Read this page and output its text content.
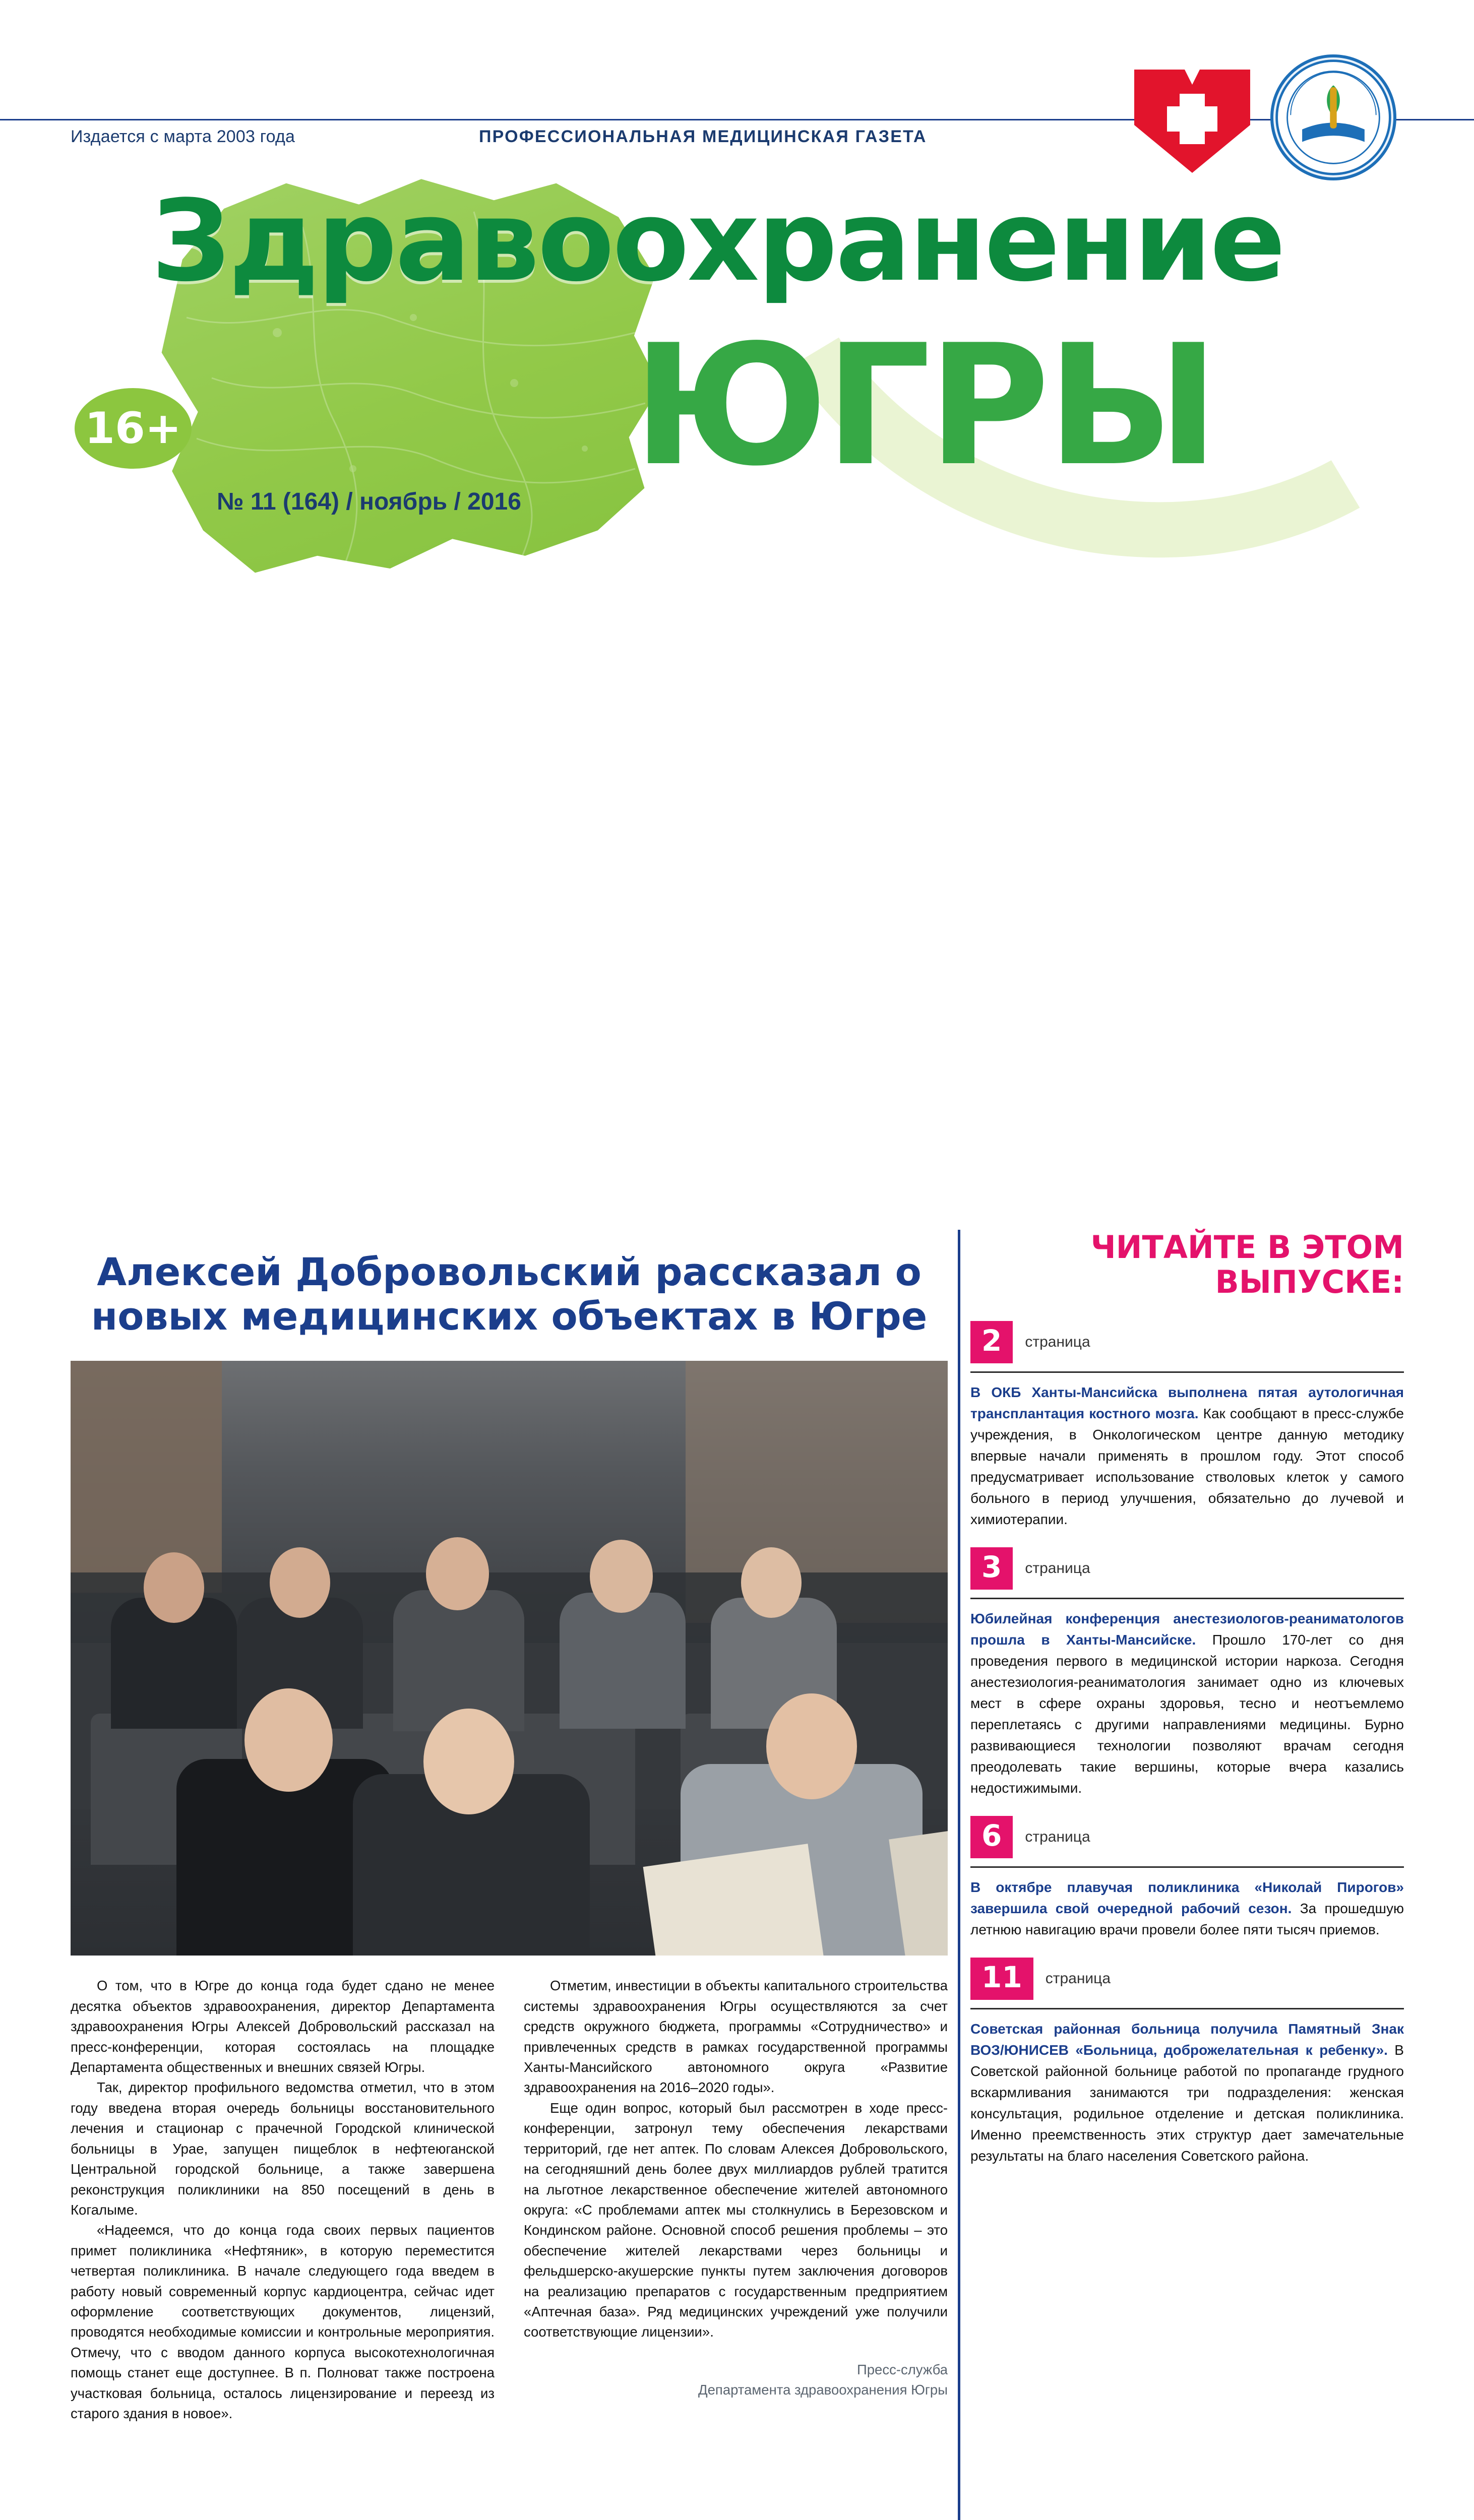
Издается с марта 2003 года	ПРОФЕССИОНАЛЬНАЯ МЕДИЦИНСКАЯ ГАЗЕТА
Здравоохранение
ЮГРЫ
16+
№ 11 (164) / ноябрь / 2016
Алексей Добровольский рассказал о новых медицинских объектах в Югре

О том, что в Югре до конца года будет сдано не менее десятка объектов здравоохранения, директор Департамента здравоохранения Югры Алексей Добровольский рассказал на пресс-конференции, которая состоялась на площадке Департамента общественных и внешних связей Югры.

Так, директор профильного ведомства отметил, что в этом году введена вторая очередь больницы восстановительного лечения и стационар с прачечной Городской клинической больницы в Урае, запущен пищеблок в нефтеюганской Центральной городской больнице, а также завершена реконструкция поликлиники на 850 посещений в день в Когалыме.

«Надеемся, что до конца года своих первых пациентов примет поликлиника «Нефтяник», в которую переместится четвертая поликлиника. В начале следующего года введем в работу новый современный корпус кардиоцентра, сейчас идет оформление соответствующих документов, лицензий, проводятся необходимые комиссии и контрольные мероприятия. Отмечу, что с вводом данного корпуса высокотехнологичная помощь станет еще доступнее. В п. Полноват также построена участковая больница, осталось лицензирование и переезд из старого здания в новое».

Отметим, инвестиции в объекты капитального строительства системы здравоохранения Югры осуществляются за счет средств окружного бюджета, программы «Сотрудничество» и привлеченных средств в рамках государственной программы Ханты-Мансийского автономного округа «Развитие здравоохранения на 2016–2020 годы».

Еще один вопрос, который был рассмотрен в ходе пресс-конференции, затронул тему обеспечения лекарствами территорий, где нет аптек. По словам Алексея Добровольского, на сегодняшний день более двух миллиардов рублей тратится на льготное лекарственное обеспечение жителей автономного округа: «С проблемами аптек мы столкнулись в Березовском и Кондинском районе. Основной способ решения проблемы – это обеспечение жителей лекарствами через больницы и фельдшерско-акушерские пункты путем заключения договоров на реализацию препаратов с государственным предприятием «Аптечная база». Ряд медицинских учреждений уже получили соответствующие лицензии».

Пресс-служба
Департамента здравоохранения Югры
ЧИТАЙТЕ В ЭТОМ ВЫПУСКЕ:
2	страница
В ОКБ Ханты-Мансийска выполнена пятая аутологичная трансплантация костного мозга. Как сообщают в пресс-службе учреждения, в Онкологическом центре данную методику впервые начали применять в прошлом году. Этот способ предусматривает использование стволовых клеток у самого больного в период улучшения, обязательно до лучевой и химиотерапии.
3	страница
Юбилейная конференция анестезиологов-реаниматологов прошла в Ханты-Мансийске. Прошло 170-лет со дня проведения первого в медицинской истории наркоза. Сегодня анестезиология-реаниматология занимает одно из ключевых мест в сфере охраны здоровья, тесно и неотъемлемо переплетаясь с другими направлениями медицины. Бурно развивающиеся технологии позволяют врачам сегодня преодолевать такие вершины, которые вчера казались недостижимыми.
6	страница
В октябре плавучая поликлиника «Николай Пирогов» завершила свой очередной рабочий сезон. За прошедшую летнюю навигацию врачи провели более пяти тысяч приемов.
11	страница
Советская районная больница получила Памятный Знак ВОЗ/ЮНИСЕВ «Больница, доброжелательная к ребенку». В Советской районной больнице работой по пропаганде грудного вскармливания занимаются три подразделения: женская консультация, родильное отделение и детская поликлиника. Именно преемственность этих структур дает замечательные результаты на благо населения Советского района.
